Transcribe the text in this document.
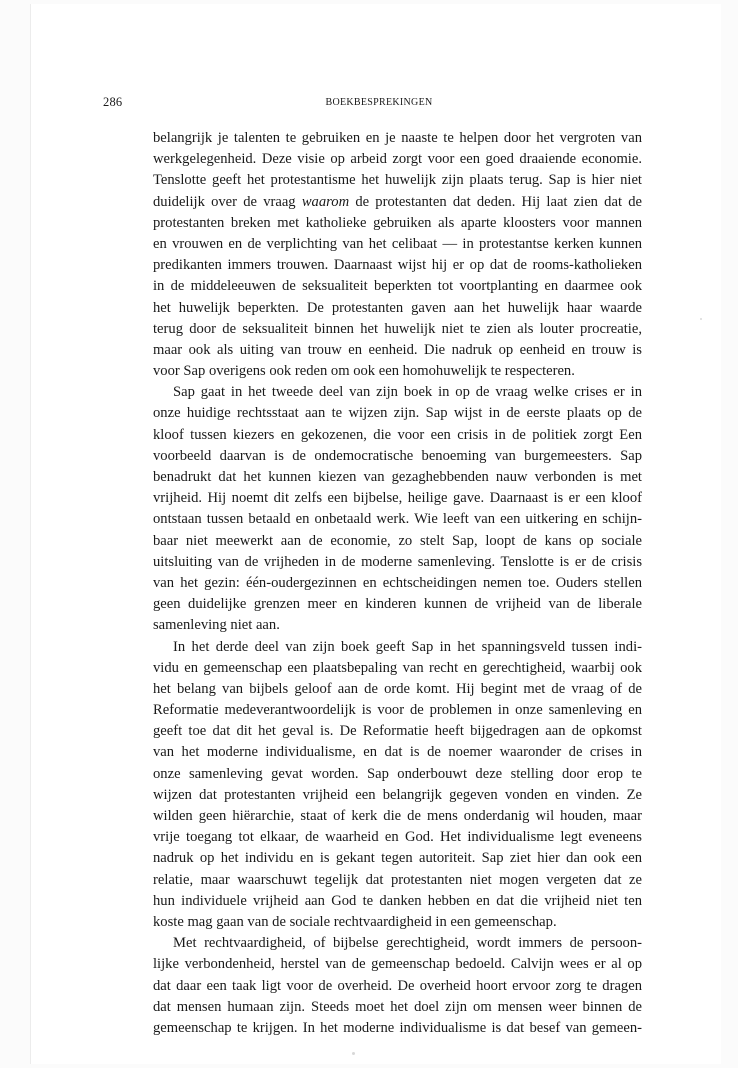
286	BOEKBESPREKINGEN
belangrijk je talenten te gebruiken en je naaste te helpen door het vergroten van
werkgelegenheid. Deze visie op arbeid zorgt voor een goed draaiende economie.
Tenslotte geeft het protestantisme het huwelijk zijn plaats terug. Sap is hier niet
duidelijk over de vraag waarom de protestanten dat deden. Hij laat zien dat de
protestanten breken met katholieke gebruiken als aparte kloosters voor mannen
en vrouwen en de verplichting van het celibaat — in protestantse kerken kunnen
predikanten immers trouwen. Daarnaast wijst hij er op dat de rooms-katholieken
in de middeleeuwen de seksualiteit beperkten tot voortplanting en daarmee ook
het huwelijk beperkten. De protestanten gaven aan het huwelijk haar waarde
terug door de seksualiteit binnen het huwelijk niet te zien als louter procreatie,
maar ook als uiting van trouw en eenheid. Die nadruk op eenheid en trouw is
voor Sap overigens ook reden om ook een homohuwelijk te respecteren.
Sap gaat in het tweede deel van zijn boek in op de vraag welke crises er in
onze huidige rechtsstaat aan te wijzen zijn. Sap wijst in de eerste plaats op de
kloof tussen kiezers en gekozenen, die voor een crisis in de politiek zorgt Een
voorbeeld daarvan is de ondemocratische benoeming van burgemeesters. Sap
benadrukt dat het kunnen kiezen van gezaghebbenden nauw verbonden is met
vrijheid. Hij noemt dit zelfs een bijbelse, heilige gave. Daarnaast is er een kloof
ontstaan tussen betaald en onbetaald werk. Wie leeft van een uitkering en schijn-
baar niet meewerkt aan de economie, zo stelt Sap, loopt de kans op sociale
uitsluiting van de vrijheden in de moderne samenleving. Tenslotte is er de crisis
van het gezin: één-oudergezinnen en echtscheidingen nemen toe. Ouders stellen
geen duidelijke grenzen meer en kinderen kunnen de vrijheid van de liberale
samenleving niet aan.
In het derde deel van zijn boek geeft Sap in het spanningsveld tussen indi-
vidu en gemeenschap een plaatsbepaling van recht en gerechtigheid, waarbij ook
het belang van bijbels geloof aan de orde komt. Hij begint met de vraag of de
Reformatie medeverantwoordelijk is voor de problemen in onze samenleving en
geeft toe dat dit het geval is. De Reformatie heeft bijgedragen aan de opkomst
van het moderne individualisme, en dat is de noemer waaronder de crises in
onze samenleving gevat worden. Sap onderbouwt deze stelling door erop te
wijzen dat protestanten vrijheid een belangrijk gegeven vonden en vinden. Ze
wilden geen hiërarchie, staat of kerk die de mens onderdanig wil houden, maar
vrije toegang tot elkaar, de waarheid en God. Het individualisme legt eveneens
nadruk op het individu en is gekant tegen autoriteit. Sap ziet hier dan ook een
relatie, maar waarschuwt tegelijk dat protestanten niet mogen vergeten dat ze
hun individuele vrijheid aan God te danken hebben en dat die vrijheid niet ten
koste mag gaan van de sociale rechtvaardigheid in een gemeenschap.
Met rechtvaardigheid, of bijbelse gerechtigheid, wordt immers de persoon-
lijke verbondenheid, herstel van de gemeenschap bedoeld. Calvijn wees er al op
dat daar een taak ligt voor de overheid. De overheid hoort ervoor zorg te dragen
dat mensen humaan zijn. Steeds moet het doel zijn om mensen weer binnen de
gemeenschap te krijgen. In het moderne individualisme is dat besef van gemeen-
